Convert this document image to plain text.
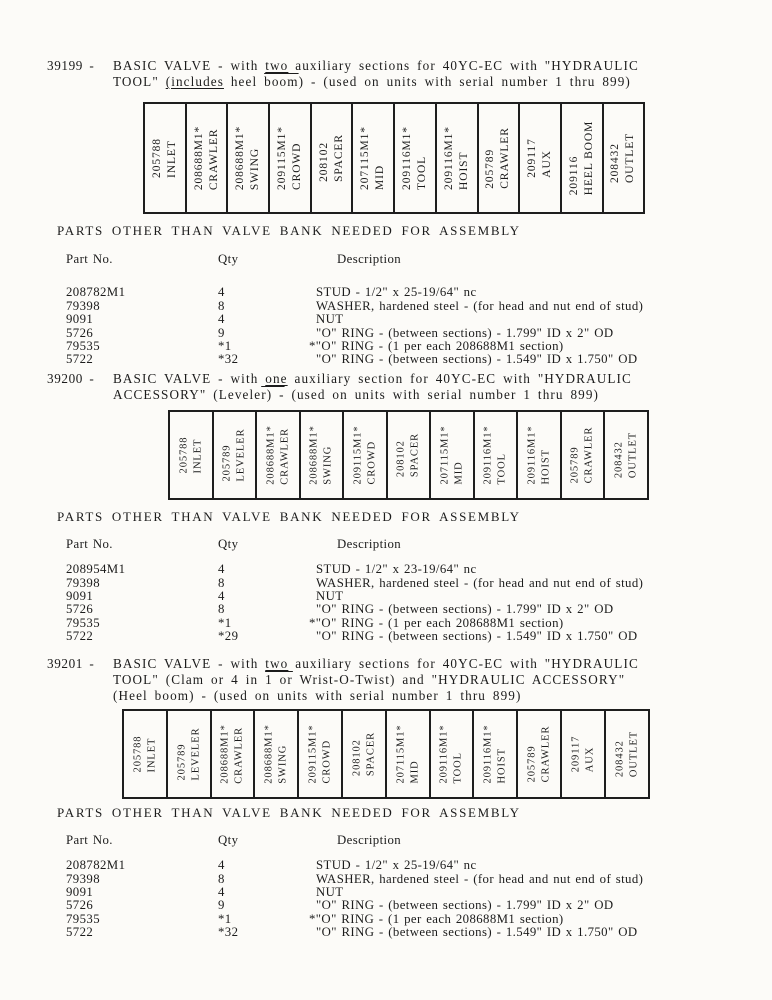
39199 -	BASIC VALVE - with two auxiliary sections for 40YC-EC with "HYDRAULIC
TOOL" (includes heel boom) - (used on units with serial number 1 thru 899)
205788 INLET 208688M1* CRAWLER 208688M1* SWING 209115M1* CROWD 208102 SPACER 207115M1* MID 209116M1* TOOL 209116M1* HOIST 205789 CRAWLER 209117 AUX 209116 HEEL BOOM 208432 OUTLET
PARTS OTHER THAN VALVE BANK NEEDED FOR ASSEMBLY
Part No.	Qty	Description
208782M1	4	STUD - 1/2" x 25-19/64" nc
79398	8	WASHER, hardened steel - (for head and nut end of stud)
9091	4	NUT
5726	9	"O" RING - (between sections) - 1.799" ID x 2" OD
79535	*1	*"O" RING - (1 per each 208688M1 section)
5722	*32	"O" RING - (between sections) - 1.549" ID x 1.750" OD
39200 -	BASIC VALVE - with one auxiliary section for 40YC-EC with "HYDRAULIC
ACCESSORY" (Leveler) - (used on units with serial number 1 thru 899)
205788 INLET 205789 LEVELER 208688M1* CRAWLER 208688M1* SWING 209115M1* CROWD 208102 SPACER 207115M1* MID 209116M1* TOOL 209116M1* HOIST 205789 CRAWLER 208432 OUTLET
PARTS OTHER THAN VALVE BANK NEEDED FOR ASSEMBLY
Part No.	Qty	Description
208954M1	4	STUD - 1/2" x 23-19/64" nc
79398	8	WASHER, hardened steel - (for head and nut end of stud)
9091	4	NUT
5726	8	"O" RING - (between sections) - 1.799" ID x 2" OD
79535	*1	*"O" RING - (1 per each 208688M1 section)
5722	*29	"O" RING - (between sections) - 1.549" ID x 1.750" OD
39201 -	BASIC VALVE - with two auxiliary sections for 40YC-EC with "HYDRAULIC
TOOL" (Clam or 4 in 1 or Wrist-O-Twist) and "HYDRAULIC ACCESSORY"
(Heel boom) - (used on units with serial number 1 thru 899)
205788 INLET 205789 LEVELER 208688M1* CRAWLER 208688M1* SWING 209115M1* CROWD 208102 SPACER 207115M1* MID 209116M1* TOOL 209116M1* HOIST 205789 CRAWLER 209117 AUX 208432 OUTLET
PARTS OTHER THAN VALVE BANK NEEDED FOR ASSEMBLY
Part No.	Qty	Description
208782M1	4	STUD - 1/2" x 25-19/64" nc
79398	8	WASHER, hardened steel - (for head and nut end of stud)
9091	4	NUT
5726	9	"O" RING - (between sections) - 1.799" ID x 2" OD
79535	*1	*"O" RING - (1 per each 208688M1 section)
5722	*32	"O" RING - (between sections) - 1.549" ID x 1.750" OD
